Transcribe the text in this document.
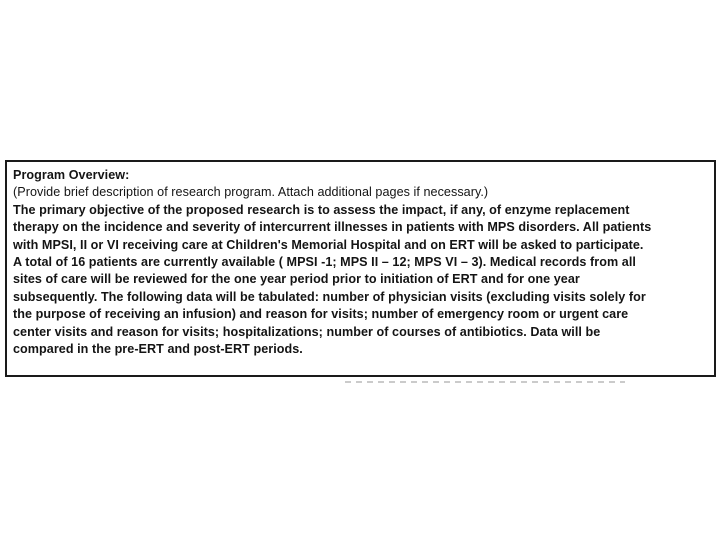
Program Overview:
(Provide brief description of research program. Attach additional pages if necessary.)
The primary objective of the proposed research is to assess the impact, if any, of enzyme replacement
therapy on the incidence and severity of intercurrent illnesses in patients with MPS disorders. All patients
with MPSI, II or VI receiving care at Children's Memorial Hospital and on ERT will be asked to participate.
A total of 16 patients are currently available ( MPSI -1; MPS II – 12; MPS VI – 3). Medical records from all
sites of care will be reviewed for the one year period prior to initiation of ERT and for one year
subsequently. The following data will be tabulated: number of physician visits (excluding visits solely for
the purpose of receiving an infusion) and reason for visits; number of emergency room or urgent care
center visits and reason for visits; hospitalizations; number of courses of antibiotics. Data will be
compared in the pre-ERT and post-ERT periods.
